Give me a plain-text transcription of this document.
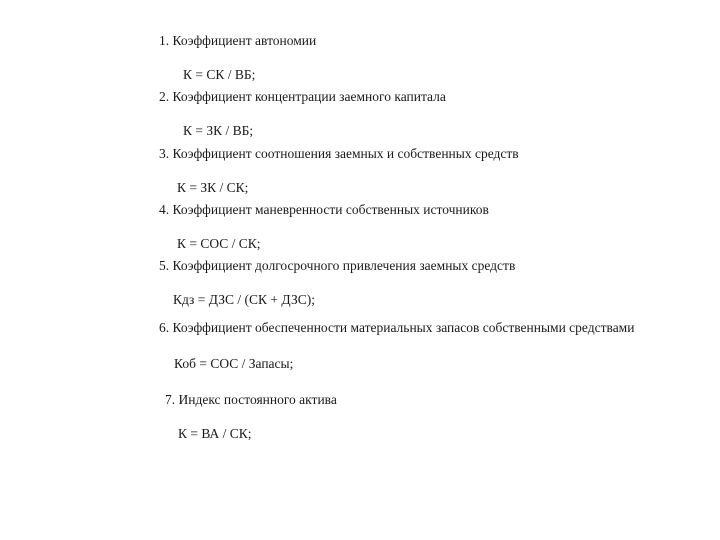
1. Коэффициент автономии
К = СК / ВБ;
2. Коэффициент концентрации заемного капитала
К = ЗК / ВБ;
3. Коэффициент соотношения заемных и собственных средств
К = ЗК / СК;
4. Коэффициент маневренности собственных источников
К = СОС / СК;
5. Коэффициент долгосрочного привлечения заемных средств
Кдз = ДЗС / (СК + ДЗС);
6. Коэффициент обеспеченности материальных запасов собственными средствами
Коб = СОС / Запасы;
7. Индекс постоянного актива
К = ВА / СК;
